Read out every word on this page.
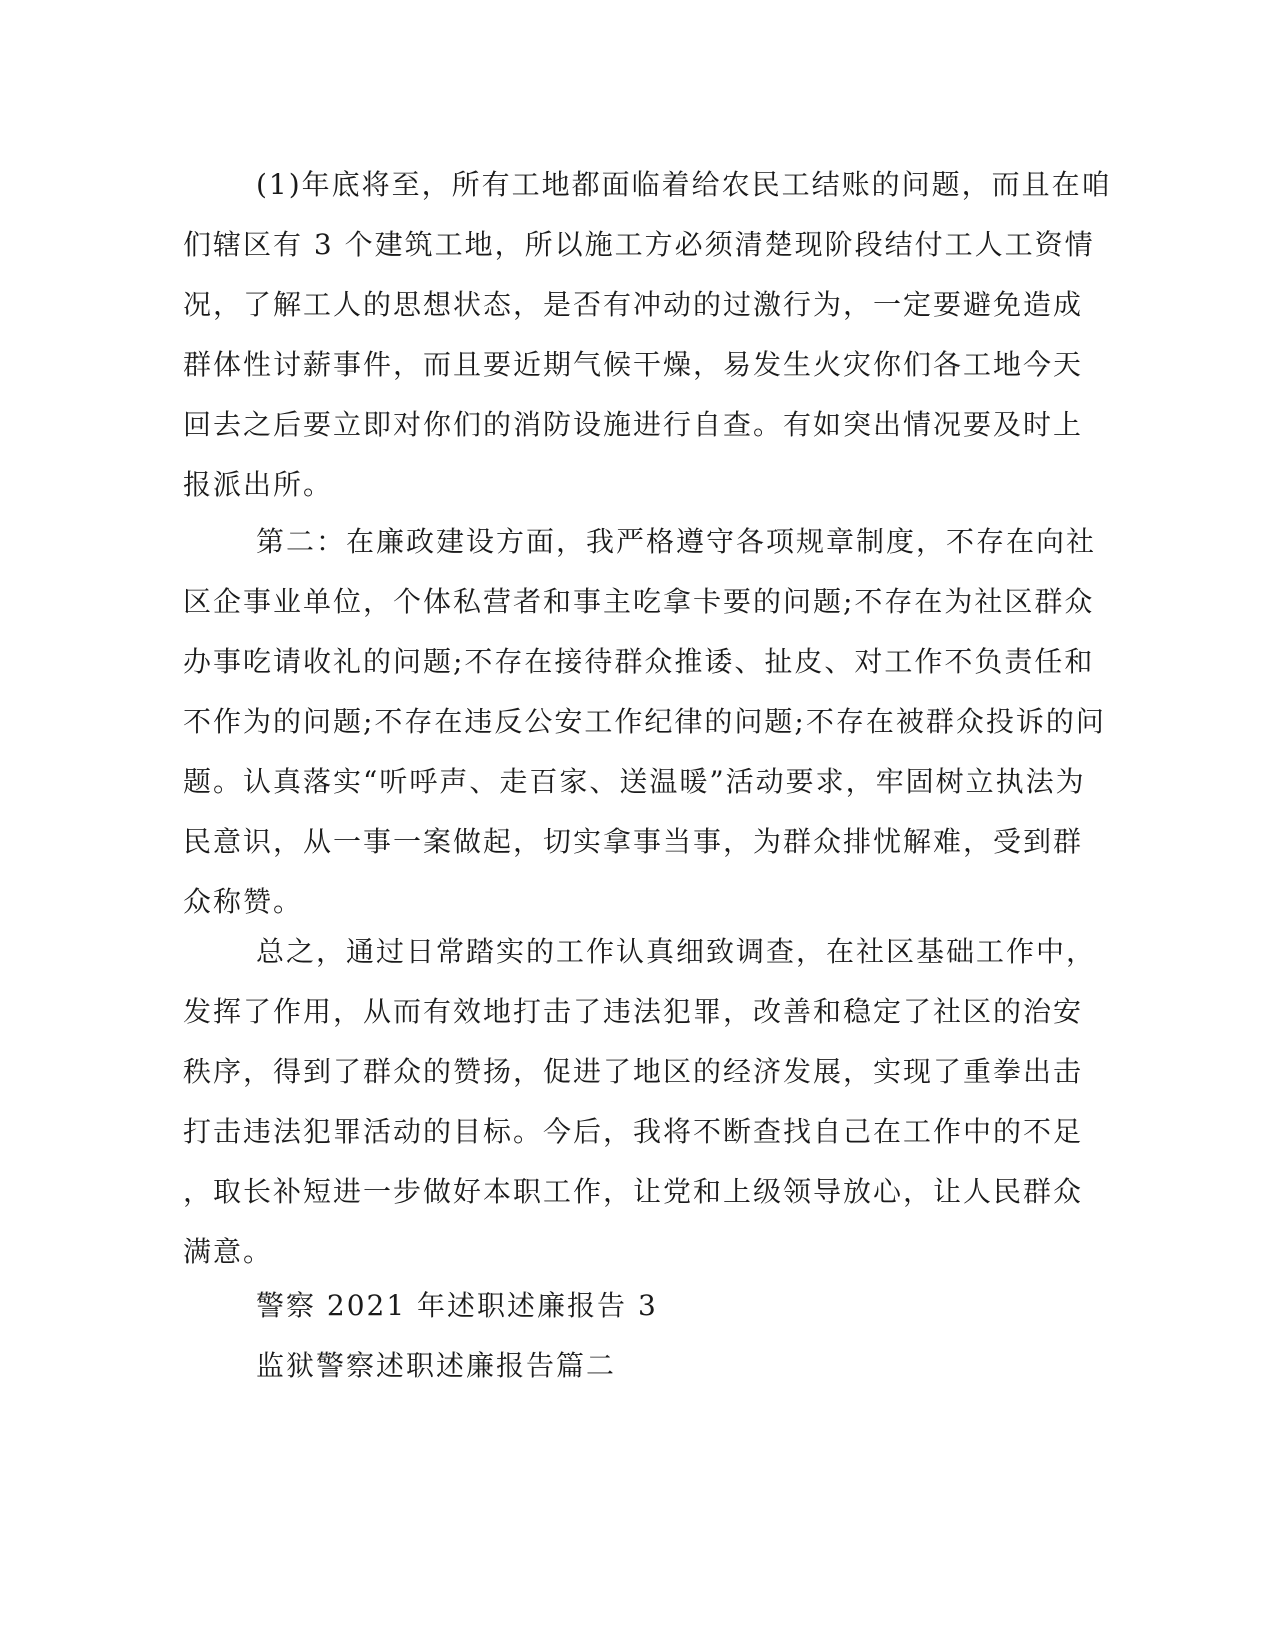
(1)年底将至，所有工地都面临着给农民工结账的问题，而且在咱
们辖区有 3 个建筑工地，所以施工方必须清楚现阶段结付工人工资情
况，了解工人的思想状态，是否有冲动的过激行为，一定要避免造成
群体性讨薪事件，而且要近期气候干燥，易发生火灾你们各工地今天
回去之后要立即对你们的消防设施进行自查。有如突出情况要及时上
报派出所。

第二：在廉政建设方面，我严格遵守各项规章制度，不存在向社
区企事业单位，个体私营者和事主吃拿卡要的问题;不存在为社区群众
办事吃请收礼的问题;不存在接待群众推诿、扯皮、对工作不负责任和
不作为的问题;不存在违反公安工作纪律的问题;不存在被群众投诉的问
题。认真落实“听呼声、走百家、送温暖”活动要求，牢固树立执法为
民意识，从一事一案做起，切实拿事当事，为群众排忧解难，受到群
众称赞。

总之，通过日常踏实的工作认真细致调查，在社区基础工作中，
发挥了作用，从而有效地打击了违法犯罪，改善和稳定了社区的治安
秩序，得到了群众的赞扬，促进了地区的经济发展，实现了重拳出击
打击违法犯罪活动的目标。今后，我将不断查找自己在工作中的不足
，取长补短进一步做好本职工作，让党和上级领导放心，让人民群众
满意。

警察 2021 年述职述廉报告 3

监狱警察述职述廉报告篇二
